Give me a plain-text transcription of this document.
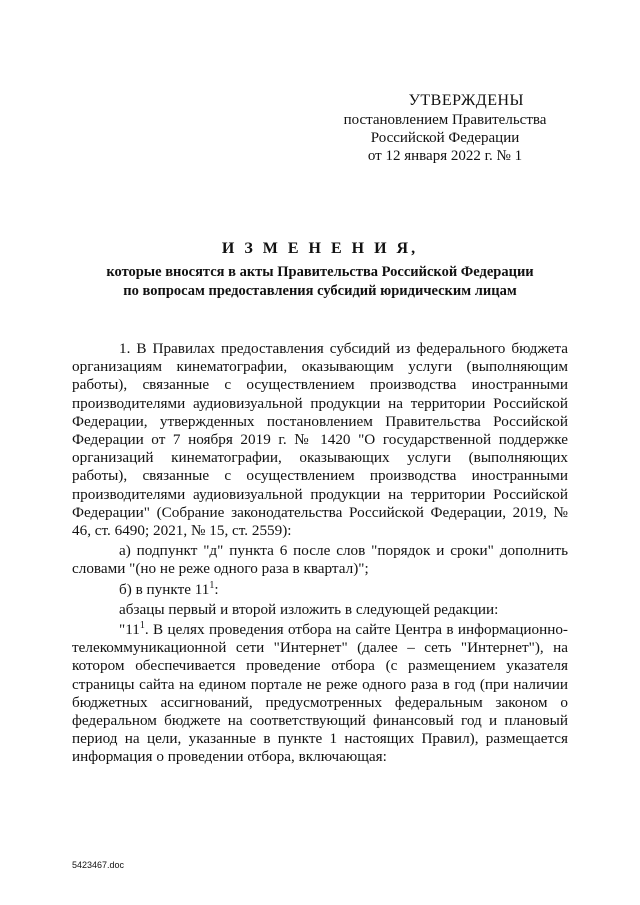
УТВЕРЖДЕНЫ
постановлением Правительства
Российской Федерации
от 12 января 2022 г. № 1
И З М Е Н Е Н И Я,
которые вносятся в акты Правительства Российской Федерации
по вопросам предоставления субсидий юридическим лицам

1. В Правилах предоставления субсидий из федерального бюджета организациям кинематографии, оказывающим услуги (выполняющим работы), связанные с осуществлением производства иностранными производителями аудиовизуальной продукции на территории Российской Федерации, утвержденных постановлением Правительства Российской Федерации от 7 ноября 2019 г. № 1420 "О государственной поддержке организаций кинематографии, оказывающих услуги (выполняющих работы), связанные с осуществлением производства иностранными производителями аудиовизуальной продукции на территории Российской Федерации" (Собрание законодательства Российской Федерации, 2019, № 46, ст. 6490; 2021, № 15, ст. 2559):

а) подпункт "д" пункта 6 после слов "порядок и сроки" дополнить словами "(но не реже одного раза в квартал)";

б) в пункте $11^1$:

абзацы первый и второй изложить в следующей редакции:

"$11^1$. В целях проведения отбора на сайте Центра в информационно-телекоммуникационной сети "Интернет" (далее – сеть "Интернет"), на котором обеспечивается проведение отбора (с размещением указателя страницы сайта на едином портале не реже одного раза в год (при наличии бюджетных ассигнований, предусмотренных федеральным законом о федеральном бюджете на соответствующий финансовый год и плановый период на цели, указанные в пункте 1 настоящих Правил), размещается информация о проведении отбора, включающая:

5423467.doc
